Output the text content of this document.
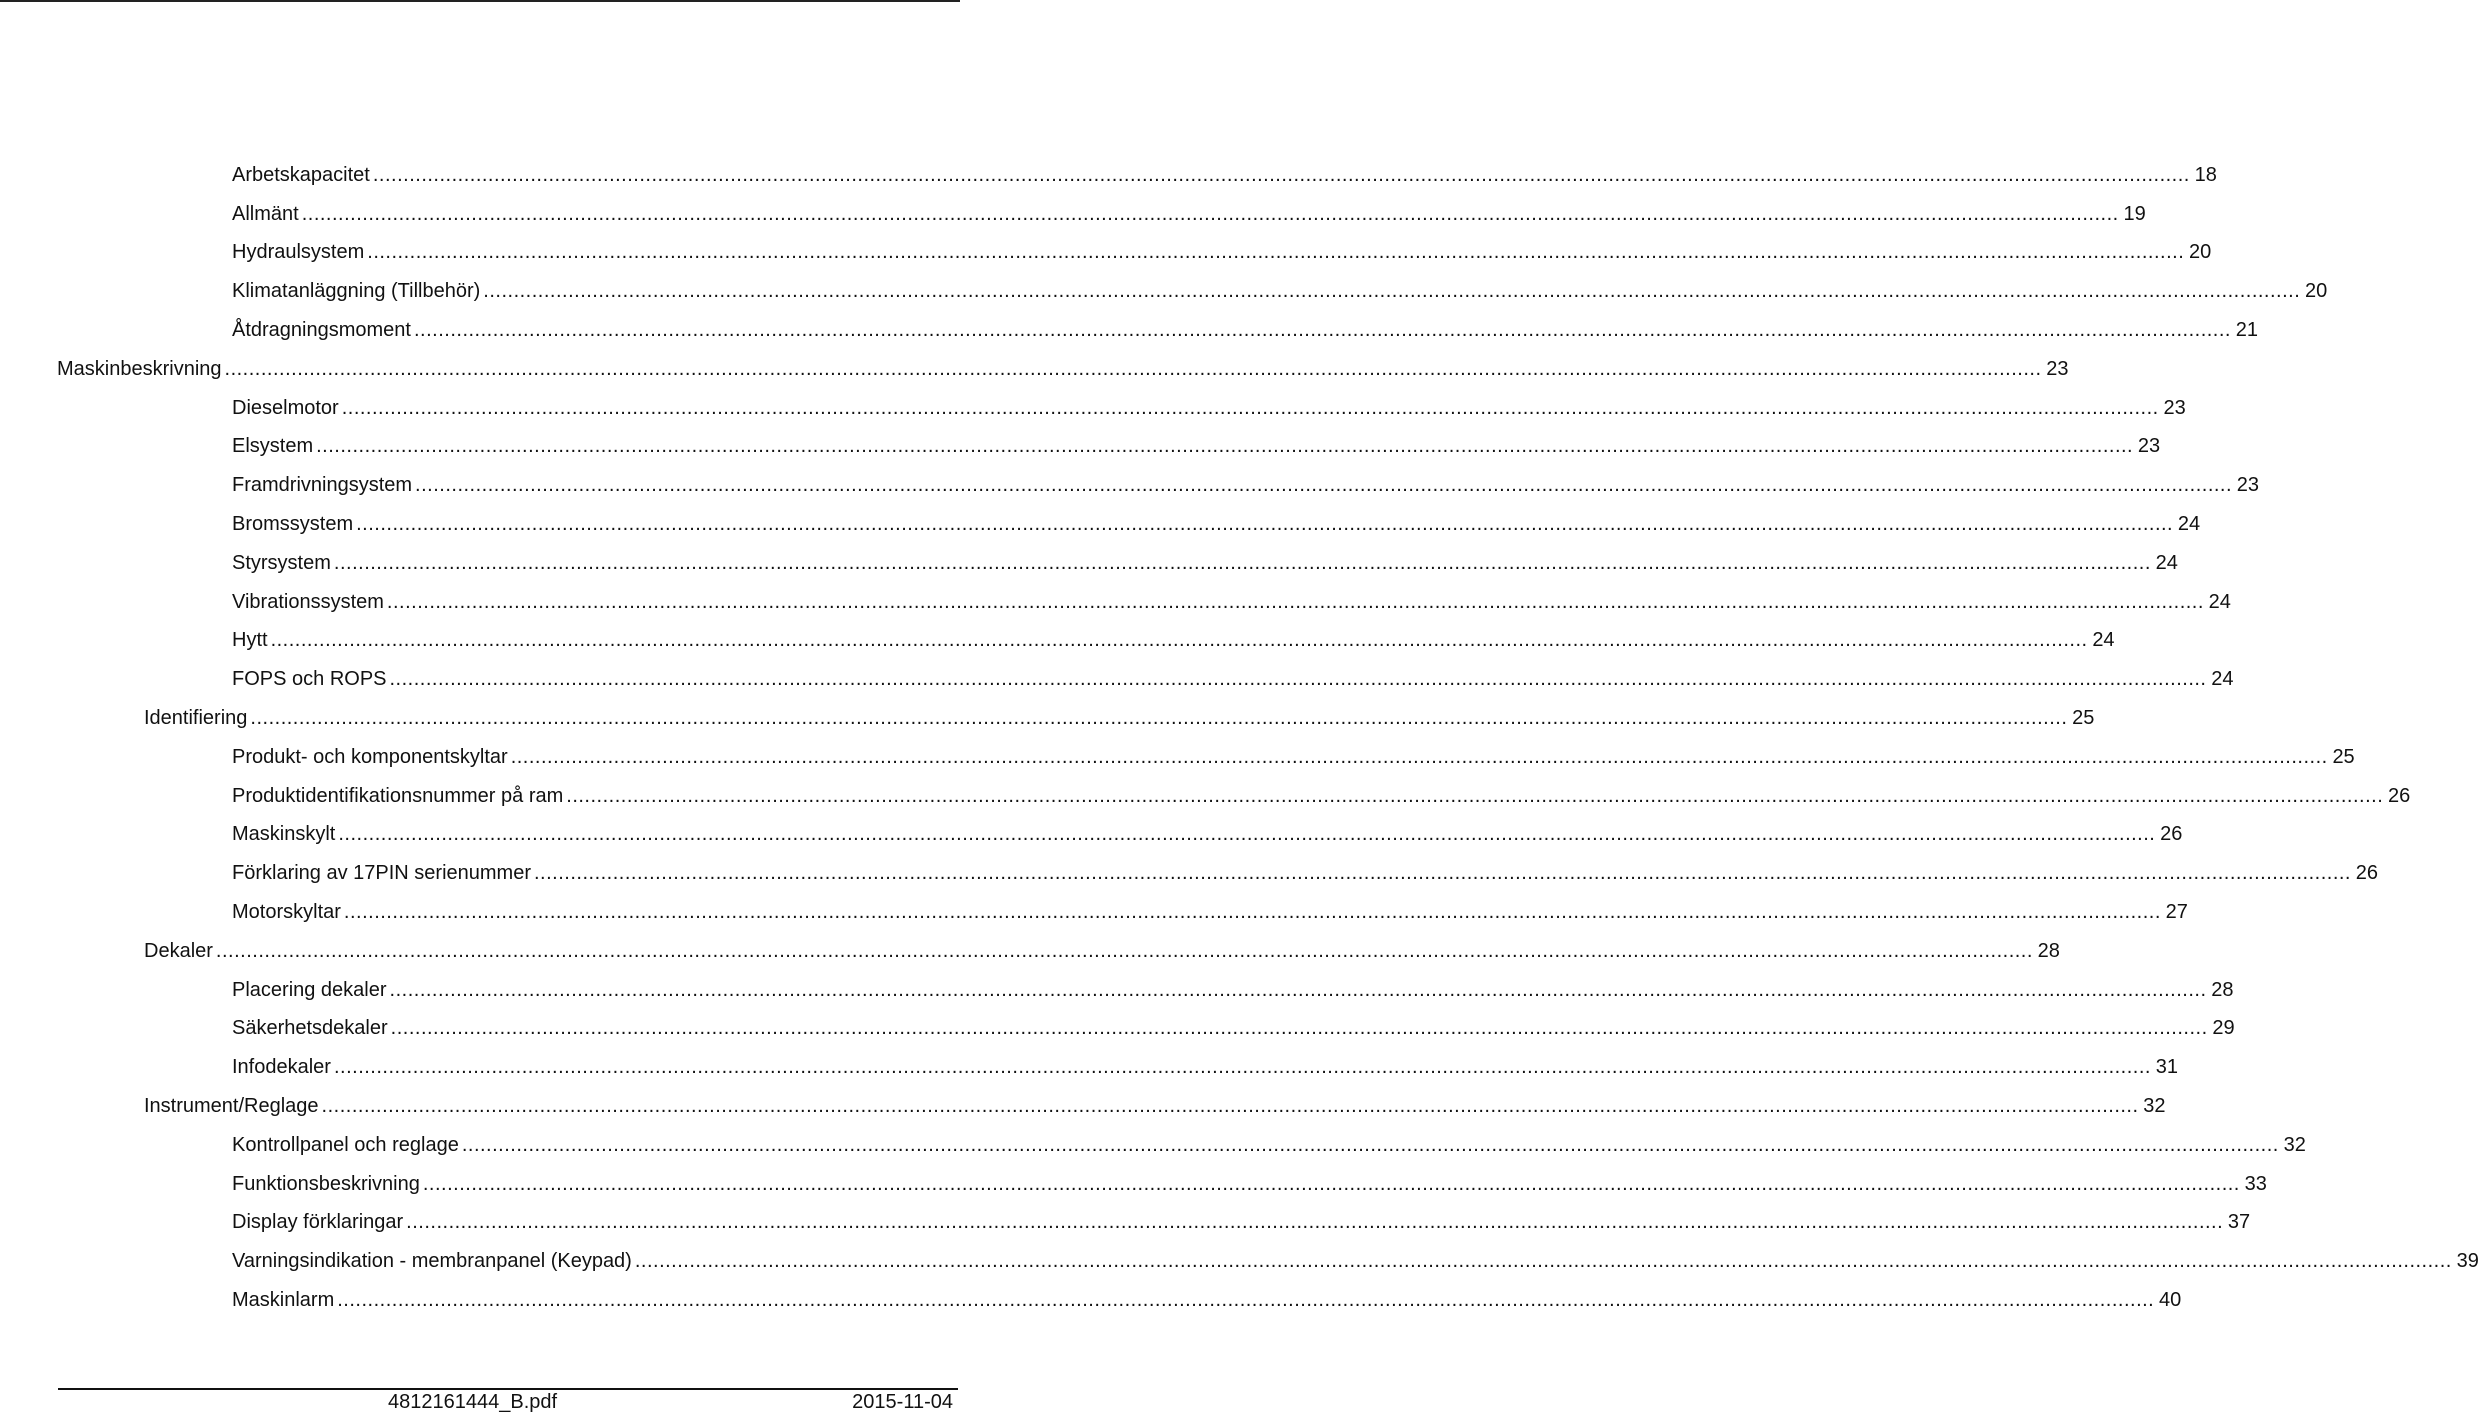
Arbetskapacitet ............................................................................................................................................................................................................................................................................................................ 18
Allmänt ............................................................................................................................................................................................................................................................................................................ 19
Hydraulsystem ............................................................................................................................................................................................................................................................................................................ 20
Klimatanläggning (Tillbehör) ............................................................................................................................................................................................................................................................................................................ 20
Åtdragningsmoment ............................................................................................................................................................................................................................................................................................................ 21
Maskinbeskrivning ............................................................................................................................................................................................................................................................................................................ 23
Dieselmotor ............................................................................................................................................................................................................................................................................................................ 23
Elsystem ............................................................................................................................................................................................................................................................................................................ 23
Framdrivningsystem ............................................................................................................................................................................................................................................................................................................ 23
Bromssystem ............................................................................................................................................................................................................................................................................................................ 24
Styrsystem ............................................................................................................................................................................................................................................................................................................ 24
Vibrationssystem ............................................................................................................................................................................................................................................................................................................ 24
Hytt ............................................................................................................................................................................................................................................................................................................ 24
FOPS och ROPS ............................................................................................................................................................................................................................................................................................................ 24
Identifiering ............................................................................................................................................................................................................................................................................................................ 25
Produkt- och komponentskyltar ............................................................................................................................................................................................................................................................................................................ 25
Produktidentifikationsnummer på ram ............................................................................................................................................................................................................................................................................................................ 26
Maskinskylt ............................................................................................................................................................................................................................................................................................................ 26
Förklaring av 17PIN serienummer ............................................................................................................................................................................................................................................................................................................ 26
Motorskyltar ............................................................................................................................................................................................................................................................................................................ 27
Dekaler ............................................................................................................................................................................................................................................................................................................ 28
Placering dekaler ............................................................................................................................................................................................................................................................................................................ 28
Säkerhetsdekaler ............................................................................................................................................................................................................................................................................................................ 29
Infodekaler ............................................................................................................................................................................................................................................................................................................ 31
Instrument/Reglage ............................................................................................................................................................................................................................................................................................................ 32
Kontrollpanel och reglage ............................................................................................................................................................................................................................................................................................................ 32
Funktionsbeskrivning ............................................................................................................................................................................................................................................................................................................ 33
Display förklaringar ............................................................................................................................................................................................................................................................................................................ 37
Varningsindikation - membranpanel (Keypad) ............................................................................................................................................................................................................................................................................................................ 39
Maskinlarm ............................................................................................................................................................................................................................................................................................................ 40
4812161444_B.pdf	2015-11-04
